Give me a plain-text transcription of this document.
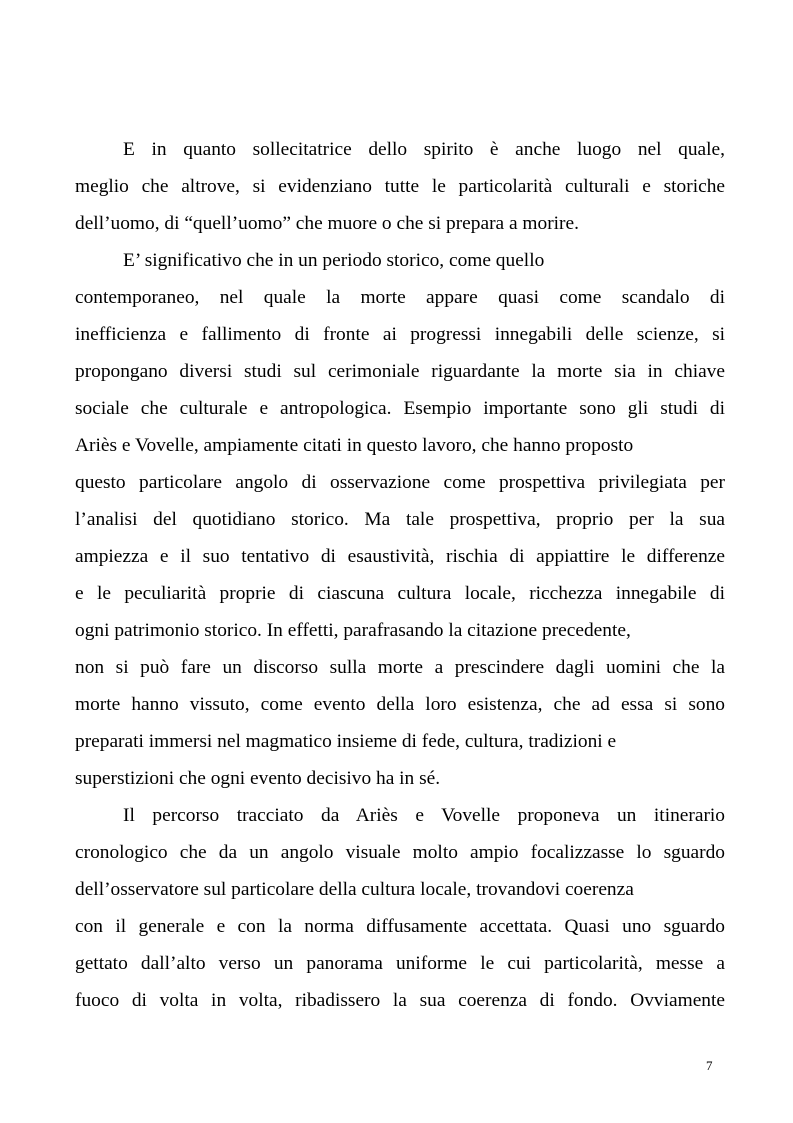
E in quanto sollecitatrice dello spirito è anche luogo nel quale,
meglio che altrove, si evidenziano tutte le particolarità culturali e storiche
dell’uomo, di “quell’uomo” che muore o che si prepara a morire.
E’ significativo che in un periodo storico, come quello
contemporaneo, nel quale la morte appare quasi come scandalo di
inefficienza e fallimento di fronte ai progressi innegabili delle scienze, si
propongano diversi studi sul cerimoniale riguardante la morte sia in chiave
sociale che culturale e antropologica. Esempio importante sono gli studi di
Ariès e Vovelle, ampiamente citati in questo lavoro, che hanno proposto
questo particolare angolo di osservazione come prospettiva privilegiata per
l’analisi del quotidiano storico. Ma tale prospettiva, proprio per la sua
ampiezza e il suo tentativo di esaustività, rischia di appiattire le differenze
e le peculiarità proprie di ciascuna cultura locale, ricchezza innegabile di
ogni patrimonio storico. In effetti, parafrasando la citazione precedente,
non si può fare un discorso sulla morte a prescindere dagli uomini che la
morte hanno vissuto, come evento della loro esistenza, che ad essa si sono
preparati immersi nel magmatico insieme di fede, cultura, tradizioni e
superstizioni che ogni evento decisivo ha in sé.
Il percorso tracciato da Ariès e Vovelle proponeva un itinerario
cronologico che da un angolo visuale molto ampio focalizzasse lo sguardo
dell’osservatore sul particolare della cultura locale, trovandovi coerenza
con il generale e con la norma diffusamente accettata. Quasi uno sguardo
gettato dall’alto verso un panorama uniforme le cui particolarità, messe a
fuoco di volta in volta, ribadissero la sua coerenza di fondo. Ovviamente
7
